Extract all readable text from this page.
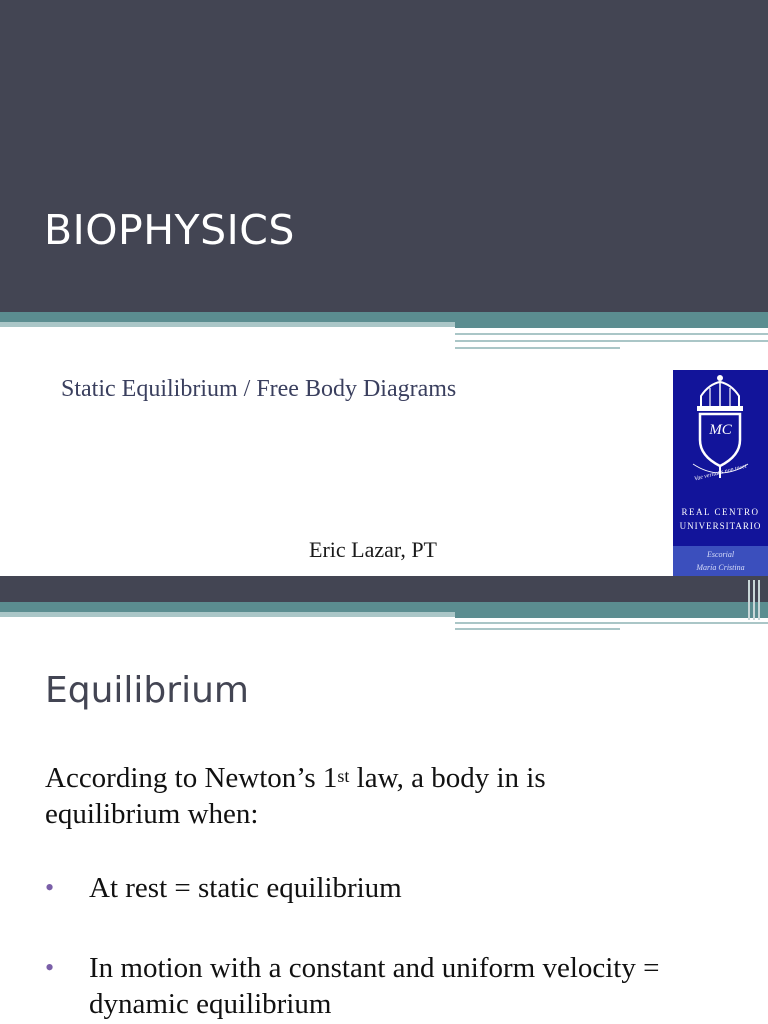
BIOPHYSICS
Static Equilibrium / Free Body Diagrams
Eric Lazar, PT
MC
Vae veritatis non tacet
REAL CENTRO
UNIVERSITARIO
Escorial
María Cristina
Equilibrium
According to Newton’s 1st law, a body in is equilibrium when:
• At rest = static equilibrium
• In motion with a constant and uniform velocity = dynamic equilibrium
